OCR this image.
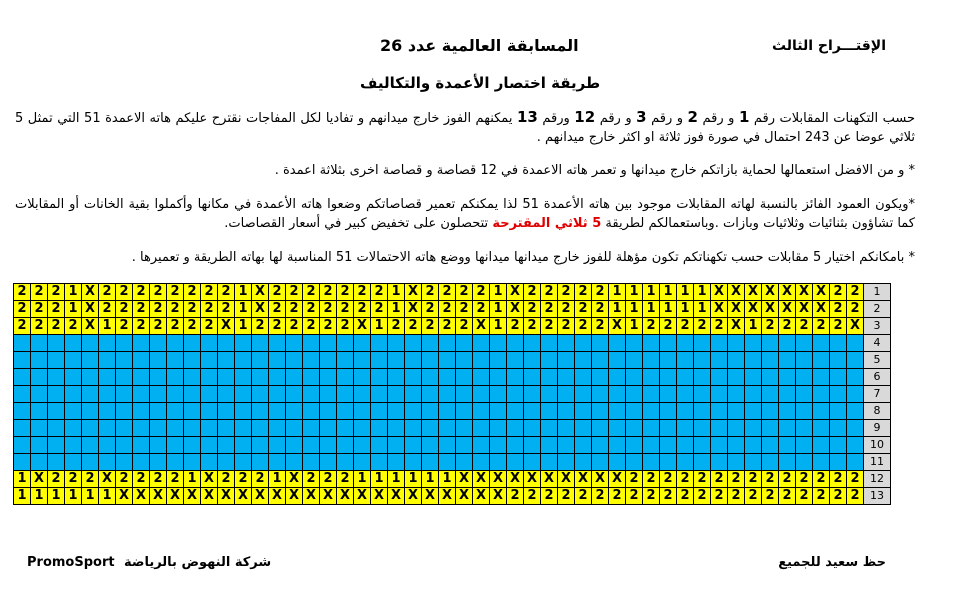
الإقتـــراح الثالث
المسابقة العالمية عدد 26
طريقة اختصار الأعمدة والتكاليف
حسب التكهنات المقابلات رقم 1 و رقم 2 و رقم 3 و رقم 12 ورقم 13 يمكنهم الفوز خارج ميدانهم و تفاديا لكل المفاجات نقترح عليكم هاته الاعمدة 51 التي تمثل 5 ثلاثي عوضا عن 243 احتمال في صورة فوز ثلاثة او اكثر خارج ميدانهم .
* و من الافضل استعمالها لحماية بازاتكم خارج ميدانها و تعمر هاته الاعمدة في 12 قصاصة و قصاصة اخرى بثلاثة اعمدة .
*ويكون العمود الفائز بالنسبة لهاته المقابلات موجود بين هاته الأعمدة 51 لذا يمكنكم تعمير قصاصاتكم وضعوا هاته الأعمدة في مكانها وأكملوا بقية الخانات أو المقابلات كما تشاؤون بثنائيات وثلاثيات وبازات .وباستعمالكم لطريقة 5 ثلاثي المقترحة تتحصلون على تخفيض كبير في أسعار القصاصات.
* بامكانكم اختيار 5 مقابلات حسب تكهناتكم تكون مؤهلة للفوز خارج ميدانها ميدانها ووضع هاته الاحتمالات 51 المناسبة لها بهاته الطريقة و تعميرها .
2	2	2	1	X	2	2	2	2	2	2	2	2	1	X	2	2	2	2	2	2	2	1	X	2	2	2	2	1	X	2	2	2	2	2	1	1	1	1	1	1	X	X	X	X	X	X	X	2	2	1
2	2	2	1	X	2	2	2	2	2	2	2	2	1	X	2	2	2	2	2	2	2	1	X	2	2	2	2	1	X	2	2	2	2	2	1	1	1	1	1	1	X	X	X	X	X	X	X	2	2	2
2	2	2	2	X	1	2	2	2	2	2	2	X	1	2	2	2	2	2	2	X	1	2	2	2	2	2	X	1	2	2	2	2	2	2	X	1	2	2	2	2	2	X	1	2	2	2	2	2	X	3
																																																		4
																																																		5
																																																		6
																																																		7
																																																		8
																																																		9
																																																		10
																																																		11
1	X	2	2	2	X	2	2	2	2	1	X	2	2	2	1	X	2	2	2	1	1	1	1	1	1	X	X	X	X	X	X	X	X	X	X	2	2	2	2	2	2	2	2	2	2	2	2	2	2	12
1	1	1	1	1	1	X	X	X	X	X	X	X	X	X	X	X	X	X	X	X	X	X	X	X	X	X	X	X	2	2	2	2	2	2	2	2	2	2	2	2	2	2	2	2	2	2	2	2	2	13
حظ سعيد للجميع
شركة النهوض بالرياضة
PromoSport
